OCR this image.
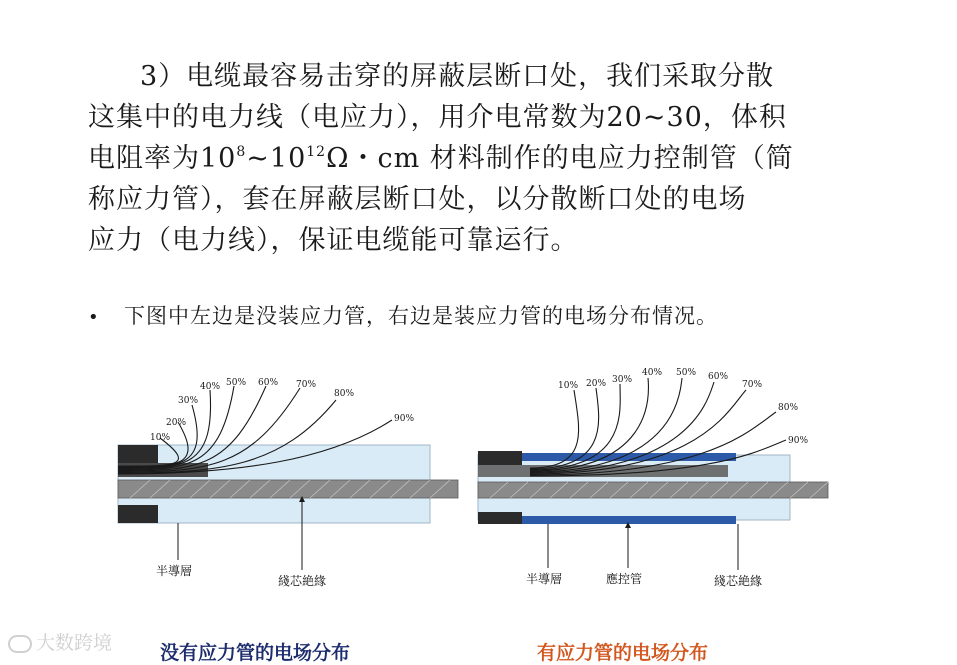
3）电缆最容易击穿的屏蔽层断口处，我们采取分散
这集中的电力线（电应力），用介电常数为20~30，体积
电阻率为$10^8\sim 10^{12}\Omega$・cm 材料制作的电应力控制管（简
称应力管），套在屏蔽层断口处，以分散断口处的电场
应力（电力线），保证电缆能可靠运行。
• 下图中左边是没装应力管，右边是装应力管的电场分布情况。
10%
20%
30%
40% 50% 60% 70%
80%
90%
半導層
綫芯絶緣
10% 20% 30%
40% 50% 60%
70%
80%
90%
半導層	應控管	綫芯絶緣
没有应力管的电场分布	有应力管的电场分布
大数跨境
